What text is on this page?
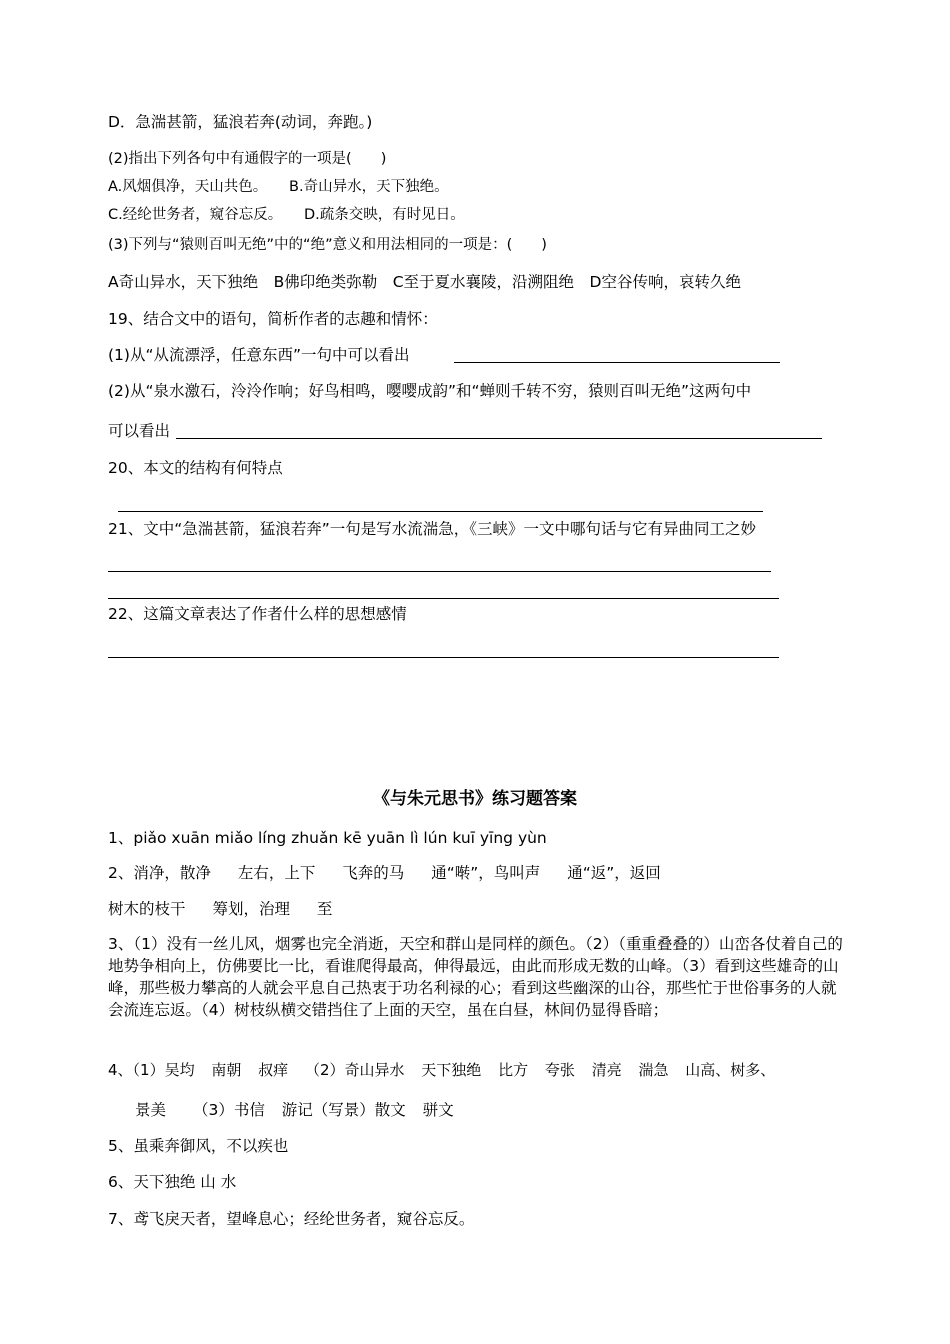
D．急湍甚箭，猛浪若奔(动词，奔跑。)
(2)指出下列各句中有通假字的一项是(　　)
A.风烟俱净，天山共色。　　B.奇山异水，天下独绝。
C.经纶世务者，窥谷忘反。　　D.疏条交映，有时见日。
(3)下列与“猿则百叫无绝”中的“绝”意义和用法相同的一项是：(　　)
A奇山异水，天下独绝　B佛印绝类弥勒　C至于夏水襄陵，沿溯阻绝　D空谷传响，哀转久绝
19、结合文中的语句，简析作者的志趣和情怀：
(1)从“从流漂浮，任意东西”一句中可以看出
(2)从“泉水激石，泠泠作响；好鸟相鸣，嘤嘤成韵”和“蝉则千转不穷，猿则百叫无绝”这两句中
可以看出
20、本文的结构有何特点
21、文中“急湍甚箭，猛浪若奔”一句是写水流湍急，《三峡》一文中哪句话与它有异曲同工之妙
22、这篇文章表达了作者什么样的思想感情
《与朱元思书》练习题答案
1、piǎo xuān miǎo líng zhuǎn kē yuān lì lún kuī yīng yùn
2、消净，散净 左右，上下 飞奔的马 通“啭”，鸟叫声 通“返”，返回
树木的枝干 筹划，治理 至
3、（1）没有一丝儿风，烟雾也完全消逝，天空和群山是同样的颜色。（2）（重重叠叠的）山峦各仗着自己的地势争相向上，仿佛要比一比，看谁爬得最高，伸得最远，由此而形成无数的山峰。（3）看到这些雄奇的山峰，那些极力攀高的人就会平息自己热衷于功名利禄的心；看到这些幽深的山谷，那些忙于世俗事务的人就会流连忘返。（4）树枝纵横交错挡住了上面的天空，虽在白昼，林间仍显得昏暗；
4、（1）吴均 南朝 叔痒 （2）奇山异水 天下独绝 比方 夸张 清亮 湍急 山高、树多、
景美 （3）书信 游记（写景）散文 骈文
5、虽乘奔御风，不以疾也
6、天下独绝 山 水
7、鸢飞戾天者，望峰息心；经纶世务者，窥谷忘反。
